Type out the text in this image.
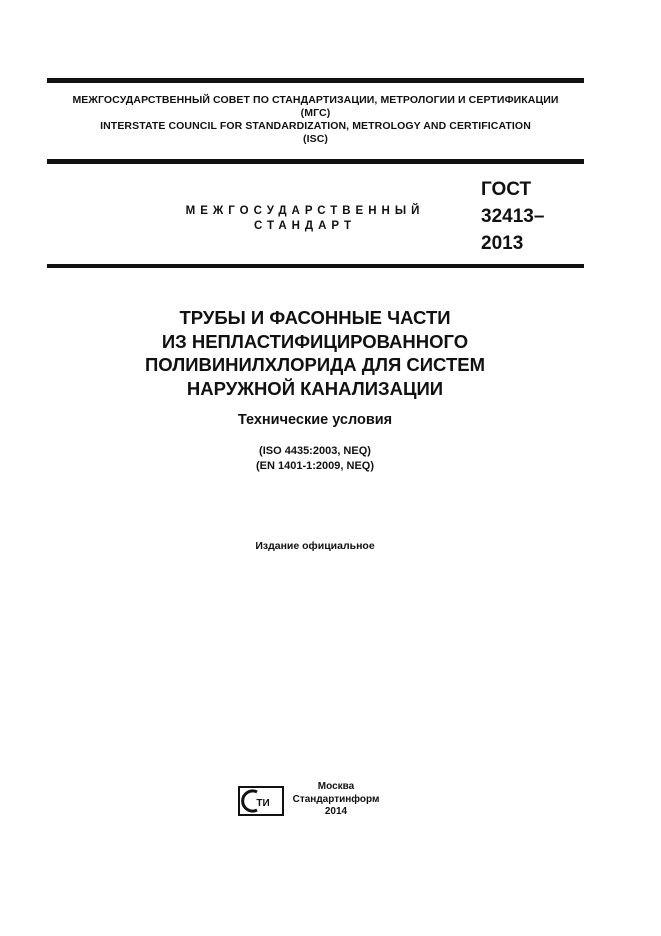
МЕЖГОСУДАРСТВЕННЫЙ СОВЕТ ПО СТАНДАРТИЗАЦИИ, МЕТРОЛОГИИ И СЕРТИФИКАЦИИ
(МГС)
INTERSTATE COUNCIL FOR STANDARDIZATION, METROLOGY AND CERTIFICATION
(ISC)
МЕЖГОСУДАРСТВЕННЫЙ
СТАНДАРТ
ГОСТ
32413–
2013
ТРУБЫ И ФАСОННЫЕ ЧАСТИ
ИЗ НЕПЛАСТИФИЦИРОВАННОГО
ПОЛИВИНИЛХЛОРИДА ДЛЯ СИСТЕМ
НАРУЖНОЙ КАНАЛИЗАЦИИ
Технические условия
(ISO 4435:2003, NEQ)
(EN 1401-1:2009, NEQ)
Издание официальное
ТИ
Москва
Стандартинформ
2014
